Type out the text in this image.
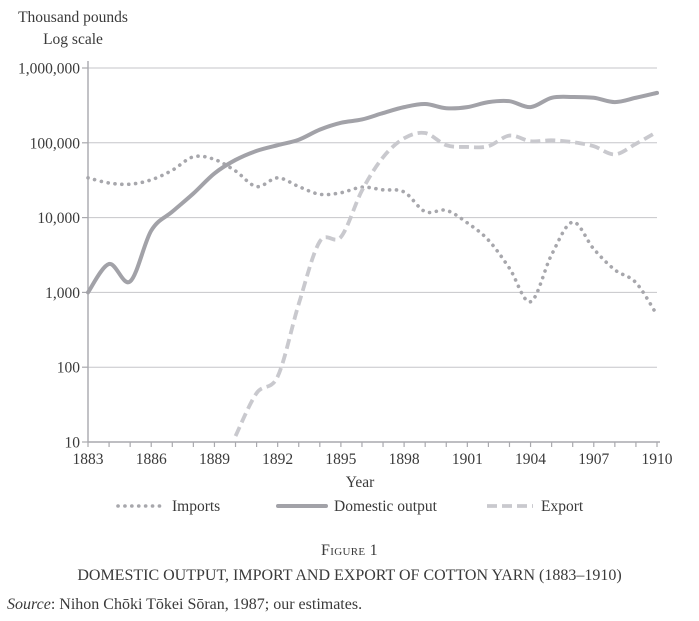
1,000,000
100,000
10,000
1,000
100
10
1883 1886 1889 1892 1895 1898 1901 1904 1907 1910
Thousand pounds
Log scale
Year
Imports	Domestic output	Export
Figure 1
DOMESTIC OUTPUT, IMPORT AND EXPORT OF COTTON YARN (1883–1910)

Source: Nihon Chōki Tōkei Sōran, 1987; our estimates.
